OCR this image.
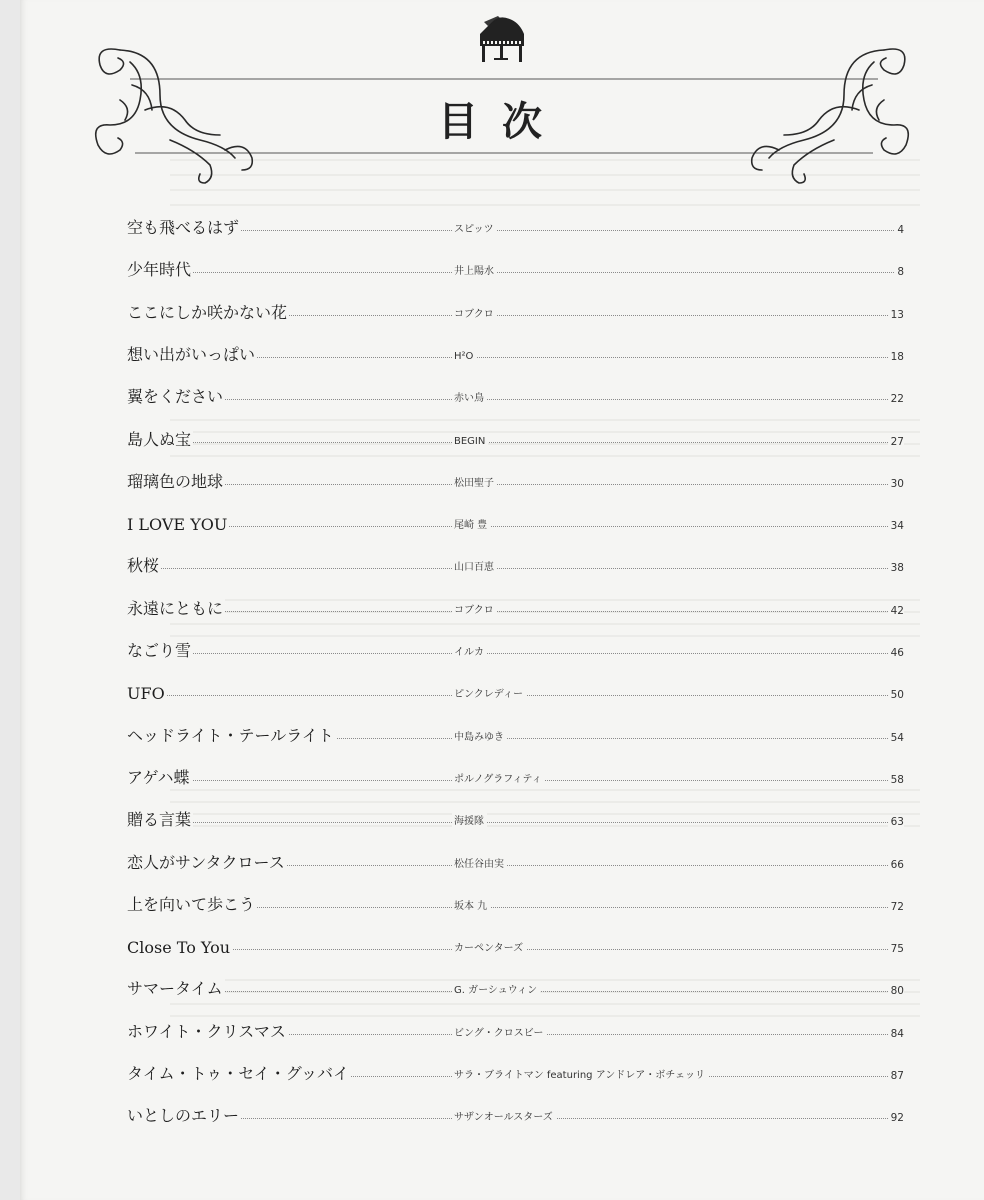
目次
空も飛べるはず	スピッツ	4
少年時代	井上陽水	8
ここにしか咲かない花	コブクロ	13
想い出がいっぱい	H²O	18
翼をください	赤い鳥	22
島人ぬ宝	BEGIN	27
瑠璃色の地球	松田聖子	30
I LOVE YOU	尾崎 豊	34
秋桜	山口百恵	38
永遠にともに	コブクロ	42
なごり雪	イルカ	46
UFO	ピンクレディー	50
ヘッドライト・テールライト	中島みゆき	54
アゲハ蝶	ポルノグラフィティ	58
贈る言葉	海援隊	63
恋人がサンタクロース	松任谷由実	66
上を向いて歩こう	坂本 九	72
Close To You	カーペンターズ	75
サマータイム	G. ガーシュウィン	80
ホワイト・クリスマス	ビング・クロスビー	84
タイム・トゥ・セイ・グッバイ	サラ・ブライトマン featuring アンドレア・ボチェッリ	87
いとしのエリー	サザンオールスターズ	92
